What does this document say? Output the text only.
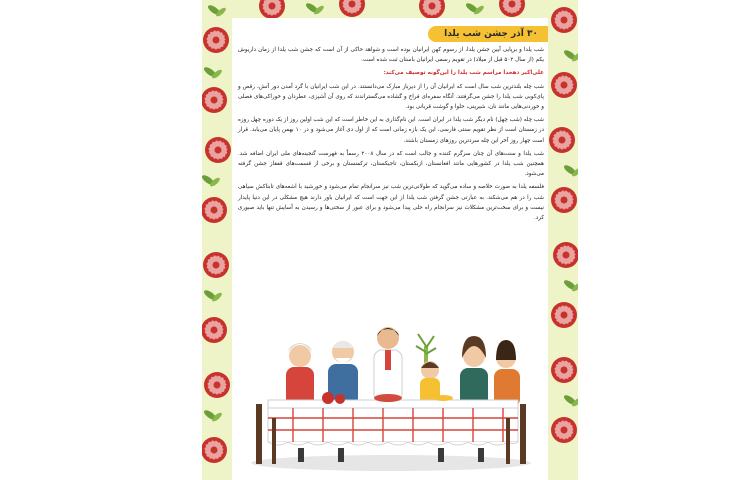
۳۰ آذر جشن شب یلدا

شب یلدا و برپایی آیین جشن یلدا، از رسوم کهن ایرانیان بوده است و شواهد حاکی از آن است که جشن شب یلدا از زمان داریوش یکم (از سال ۵۰۲ قبل از میلاد) در تقویم رسمی ایرانیان باستان ثبت شده است.

علی‌اکبر دهخدا مراسم شب یلدا را این‌گونه توصیف می‌کند:

شب چله بلندترین شب سال است که ایرانیان آن را از دیرباز مبارک می‌دانستند. در این شب ایرانیان با گرد آمدن دور آتش، رقص و پای‌کوبی شب یلدا را جشن می‌گرفتند. آنگاه سفره‌ای فراخ و گشاده می‌گستراندند که روی آن آشپزی، عطردان و خوراکی‌های فصلی و خوردنی‌هایی مانند نان، شیرینی، حلوا و گوشت قربانی بود.

شب چله (شب چهل) نام دیگر شب یلدا در ایران است. این نام‌گذاری به این خاطر است که این شب اولین روز از یک دوره چهل روزه در زمستان است از نظر تقویم سنتی فارسی، این یک بازه زمانی است که از اول دی آغاز می‌شود و در ۱۰ بهمن پایان می‌یابد. قرار است چهار روز آخر این چله سردترین روزهای زمستان باشند.

شب یلدا و سنت‌های آن چنان سرگرم کننده و جالب است که در سال ۲۰۰۸ رسماً به فهرست گنجینه‌های ملی ایران اضافه شد. همچنین شب یلدا در کشورهایی مانند افغانستان، ازبکستان، تاجیکستان، ترکمنستان و برخی از قسمت‌های قفقاز جشن گرفته می‌شود.

فلسفه یلدا به صورت خلاصه و ساده می‌گوید که طولانی‌ترین شب نیز سرانجام تمام می‌شود و خورشید با اشعه‌های تابناکش سیاهی شب را در هم می‌شکند. به عبارتی جشن گرفتن شب یلدا از این جهت است که ایرانیان باور دارند هیچ مشکلی در این دنیا پایدار نیست و برای سخت‌ترین مشکلات نیز سرانجام راه حلی پیدا می‌شود و برای عبور از سختی‌ها و رسیدن به آسایش تنها باید صبوری کرد.
